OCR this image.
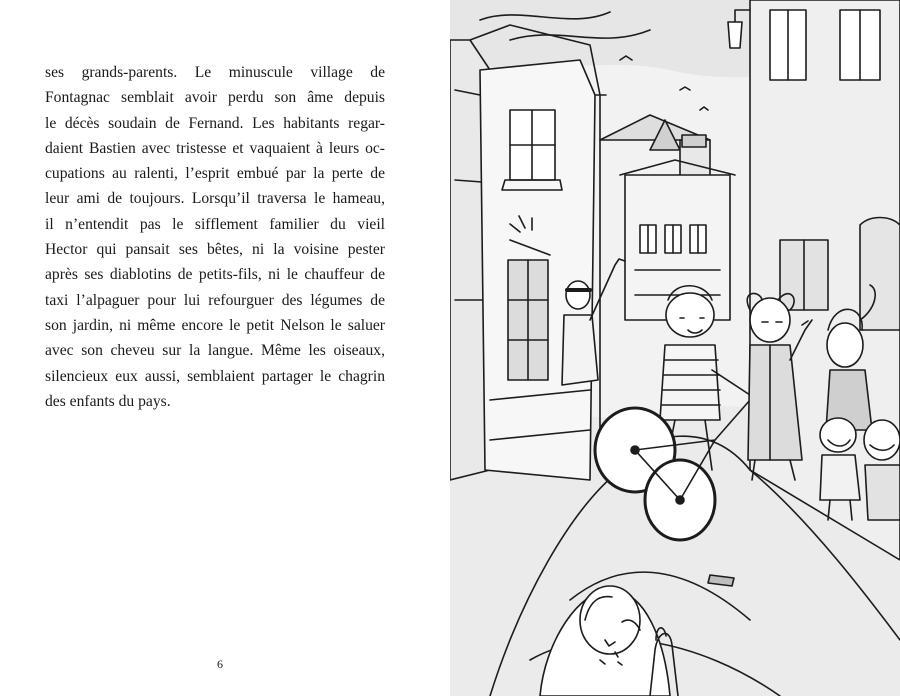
ses grands-parents. Le minuscule village de
Fontagnac semblait avoir perdu son âme depuis
le décès soudain de Fernand. Les habitants regar-
daient Bastien avec tristesse et vaquaient à leurs oc-
cupations au ralenti, l’esprit embué par la perte de
leur ami de toujours. Lorsqu’il traversa le hameau,
il n’entendit pas le sifflement familier du vieil
Hector qui pansait ses bêtes, ni la voisine pester
après ses diablotins de petits-fils, ni le chauffeur de
taxi l’alpaguer pour lui refourguer des légumes de
son jardin, ni même encore le petit Nelson le saluer
avec son cheveu sur la langue. Même les oiseaux,
silencieux eux aussi, semblaient partager le chagrin
des enfants du pays.
6
